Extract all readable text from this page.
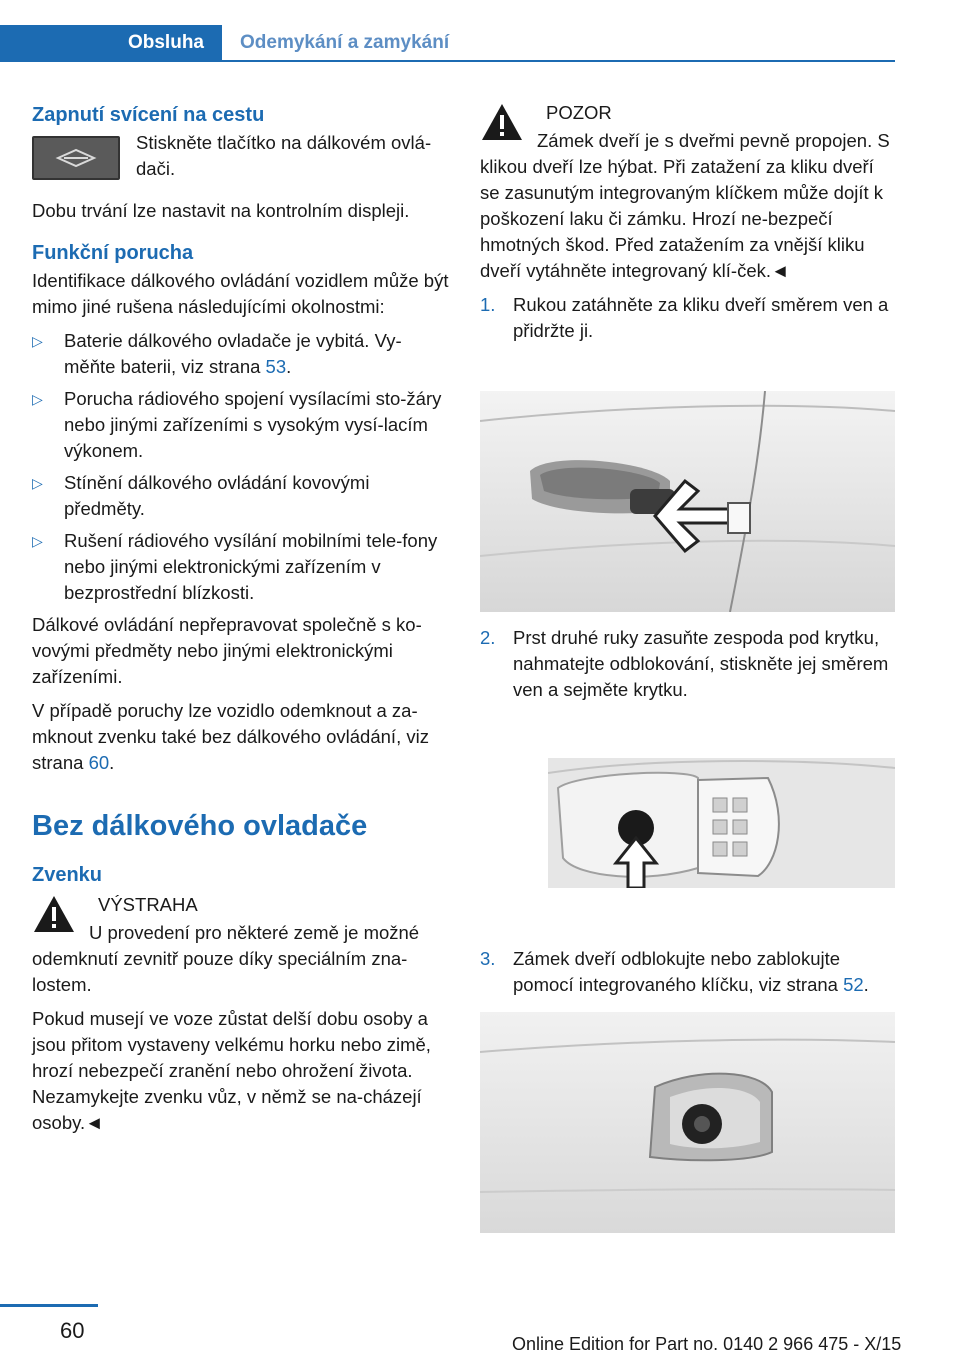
Obsluha	Odemykání a zamykání
Zapnutí svícení na cestu

Stiskněte tlačítko na dálkovém ovlá-dači.

Dobu trvání lze nastavit na kontrolním displeji.

Funkční porucha

Identifikace dálkového ovládání vozidlem může být mimo jiné rušena následujícími okolnostmi:

▷ Baterie dálkového ovladače je vybitá. Vy-měňte baterii, viz strana 53.
▷ Porucha rádiového spojení vysílacími sto-žáry nebo jinými zařízeními s vysokým vysí-lacím výkonem.
▷ Stínění dálkového ovládání kovovými předměty.
▷ Rušení rádiového vysílání mobilními tele-fony nebo jinými elektronickými zařízením v bezprostřední blízkosti.

Dálkové ovládání nepřepravovat společně s ko-vovými předměty nebo jinými elektronickými zařízeními.

V případě poruchy lze vozidlo odemknout a za-mknout zvenku také bez dálkového ovládání, viz strana 60.

Bez dálkového ovladače
Zvenku
VÝSTRAHA

U provedení pro některé země je možné odemknutí zevnitř pouze díky speciálním zna-lostem.

Pokud musejí ve voze zůstat delší dobu osoby a jsou přitom vystaveny velkému horku nebo zimě, hrozí nebezpečí zranění nebo ohrožení života. Nezamykejte zvenku vůz, v němž se na-cházejí osoby.◄

POZOR

Zámek dveří je s dveřmi pevně propojen. S klikou dveří lze hýbat. Při zatažení za kliku dveří se zasunutým integrovaným klíčkem může dojít k poškození laku či zámku. Hrozí ne-bezpečí hmotných škod. Před zatažením za vnější kliku dveří vytáhněte integrovaný klí-ček.◄

1. Rukou zatáhněte za kliku dveří směrem ven a přidržte ji.
2. Prst druhé ruky zasuňte zespoda pod krytku, nahmatejte odblokování, stiskněte jej směrem ven a sejměte krytku.
3. Zámek dveří odblokujte nebo zablokujte pomocí integrovaného klíčku, viz strana 52.
60
Online Edition for Part no. 0140 2 966 475 - X/15
